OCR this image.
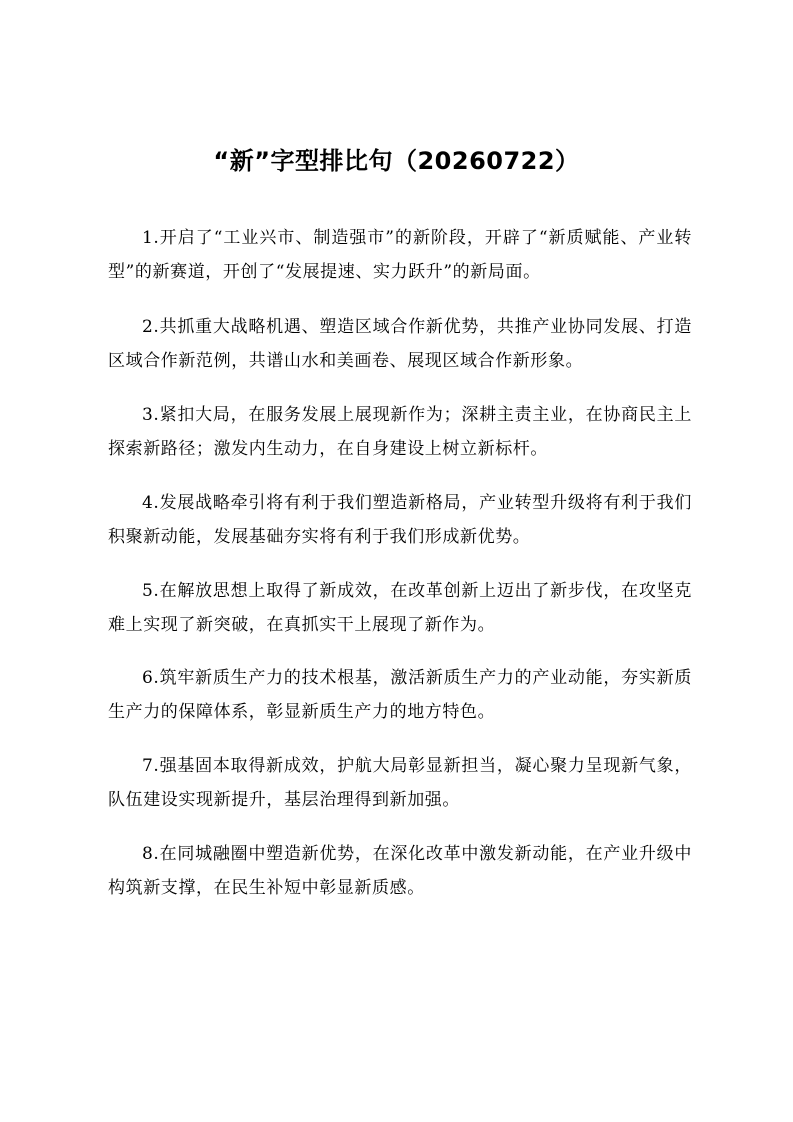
“新”字型排比句（20260722）

1.开启了“工业兴市、制造强市”的新阶段，开辟了“新质赋能、产业转型”的新赛道，开创了“发展提速、实力跃升”的新局面。

2.共抓重大战略机遇、塑造区域合作新优势，共推产业协同发展、打造区域合作新范例，共谱山水和美画卷、展现区域合作新形象。

3.紧扣大局，在服务发展上展现新作为；深耕主责主业，在协商民主上探索新路径；激发内生动力，在自身建设上树立新标杆。

4.发展战略牵引将有利于我们塑造新格局，产业转型升级将有利于我们积聚新动能，发展基础夯实将有利于我们形成新优势。

5.在解放思想上取得了新成效，在改革创新上迈出了新步伐，在攻坚克难上实现了新突破，在真抓实干上展现了新作为。

6.筑牢新质生产力的技术根基，激活新质生产力的产业动能，夯实新质生产力的保障体系，彰显新质生产力的地方特色。

7.强基固本取得新成效，护航大局彰显新担当，凝心聚力呈现新气象，队伍建设实现新提升，基层治理得到新加强。

8.在同城融圈中塑造新优势，在深化改革中激发新动能，在产业升级中构筑新支撑，在民生补短中彰显新质感。
